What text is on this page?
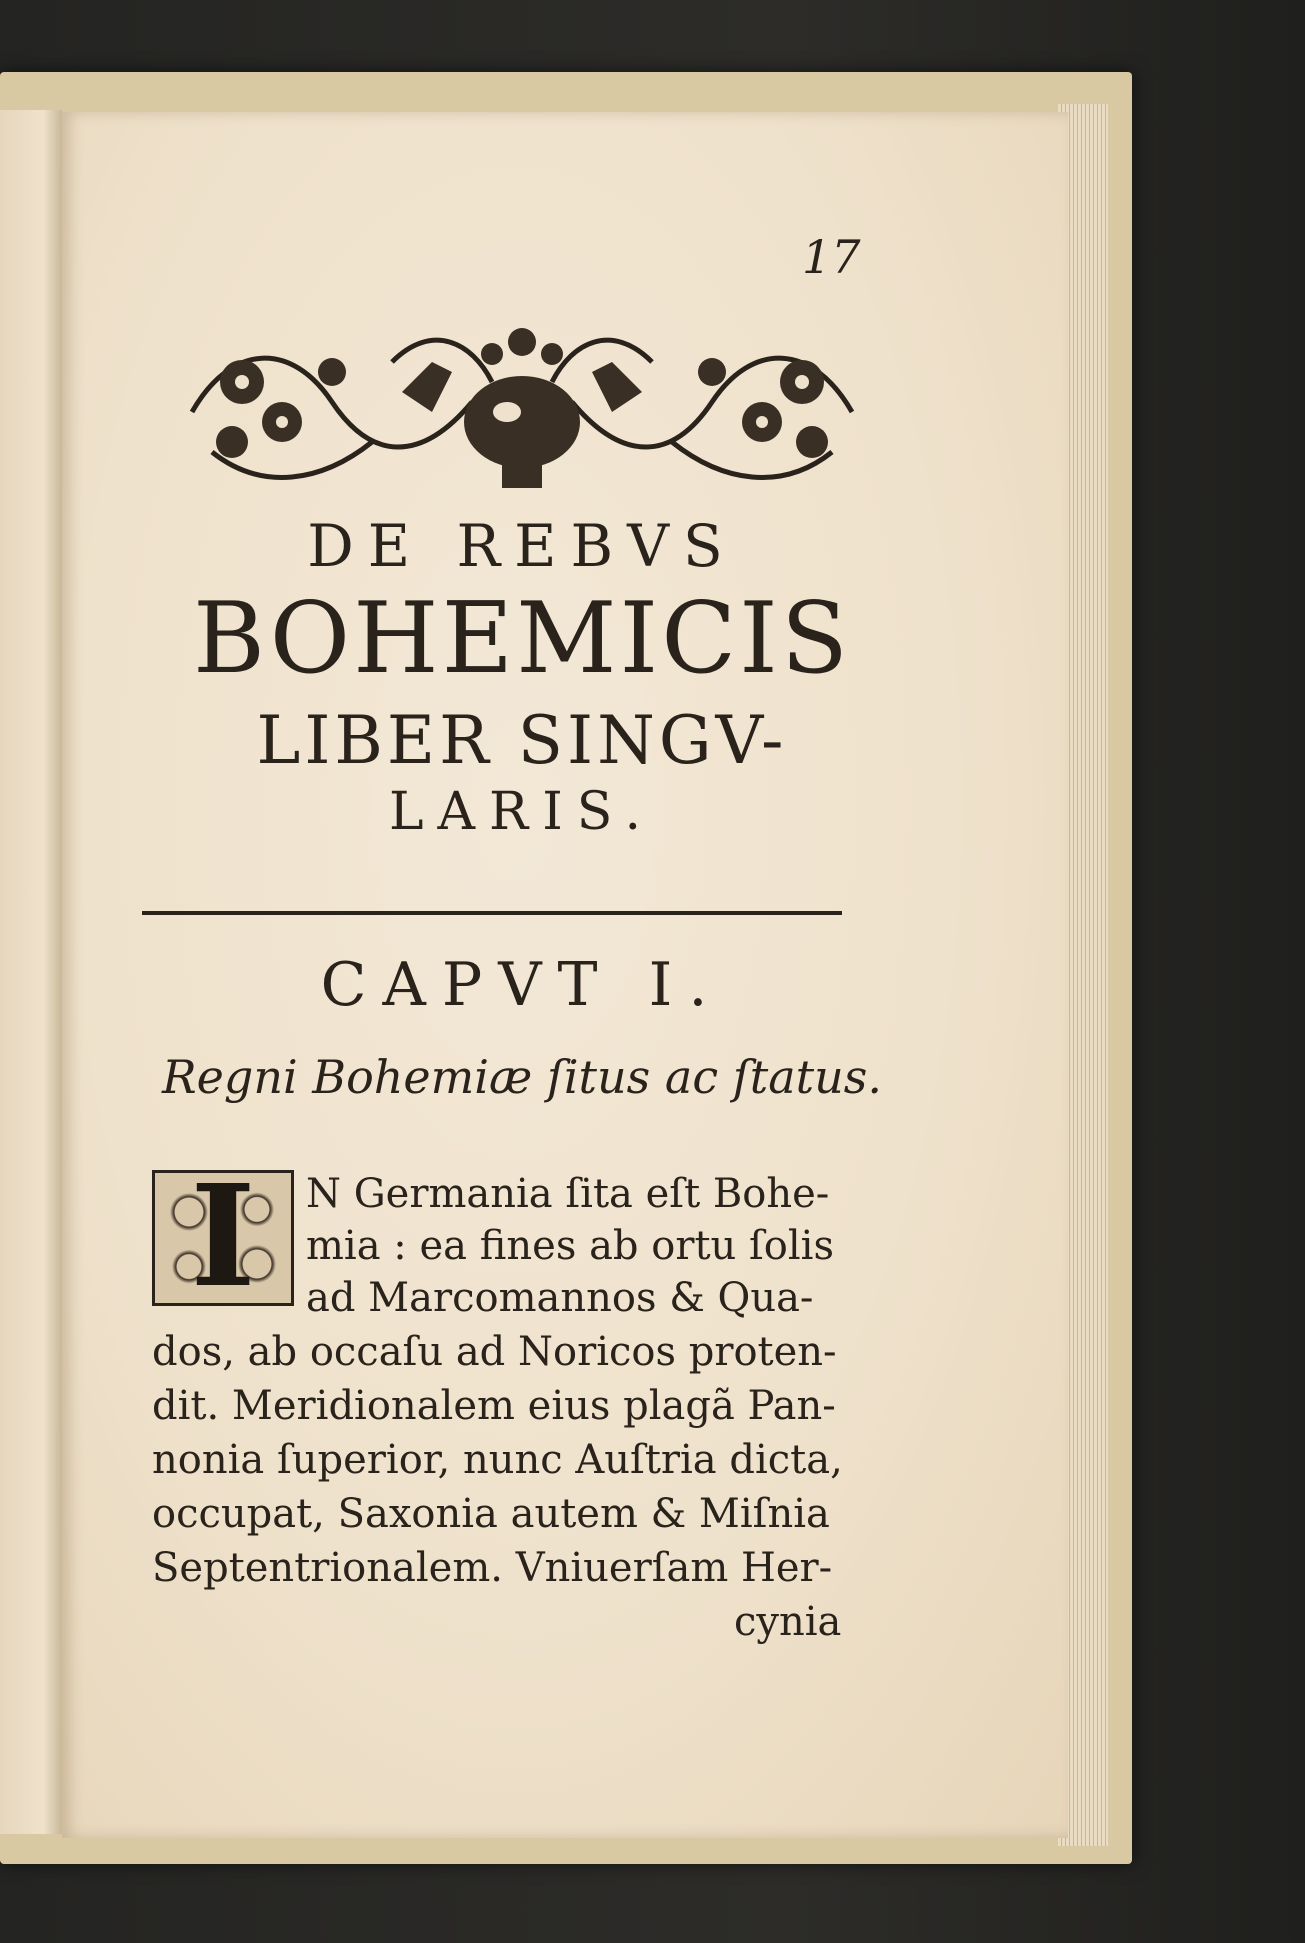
17
DE REBVS
BOHEMICIS
LIBER SINGV-
LARIS.
CAPVT I.
Regni Bohemiæ ſitus ac ſtatus.
I	N Germania ſita eſt Bohe-
mia : ea fines ab ortu ſolis
ad Marcomannos & Qua-
dos, ab occaſu ad Noricos proten-
dit. Meridionalem eius plagã Pan-
nonia ſuperior, nunc Auſtria dicta,
occupat, Saxonia autem & Miſnia
Septentrionalem. Vniuerſam Her-
cynia
